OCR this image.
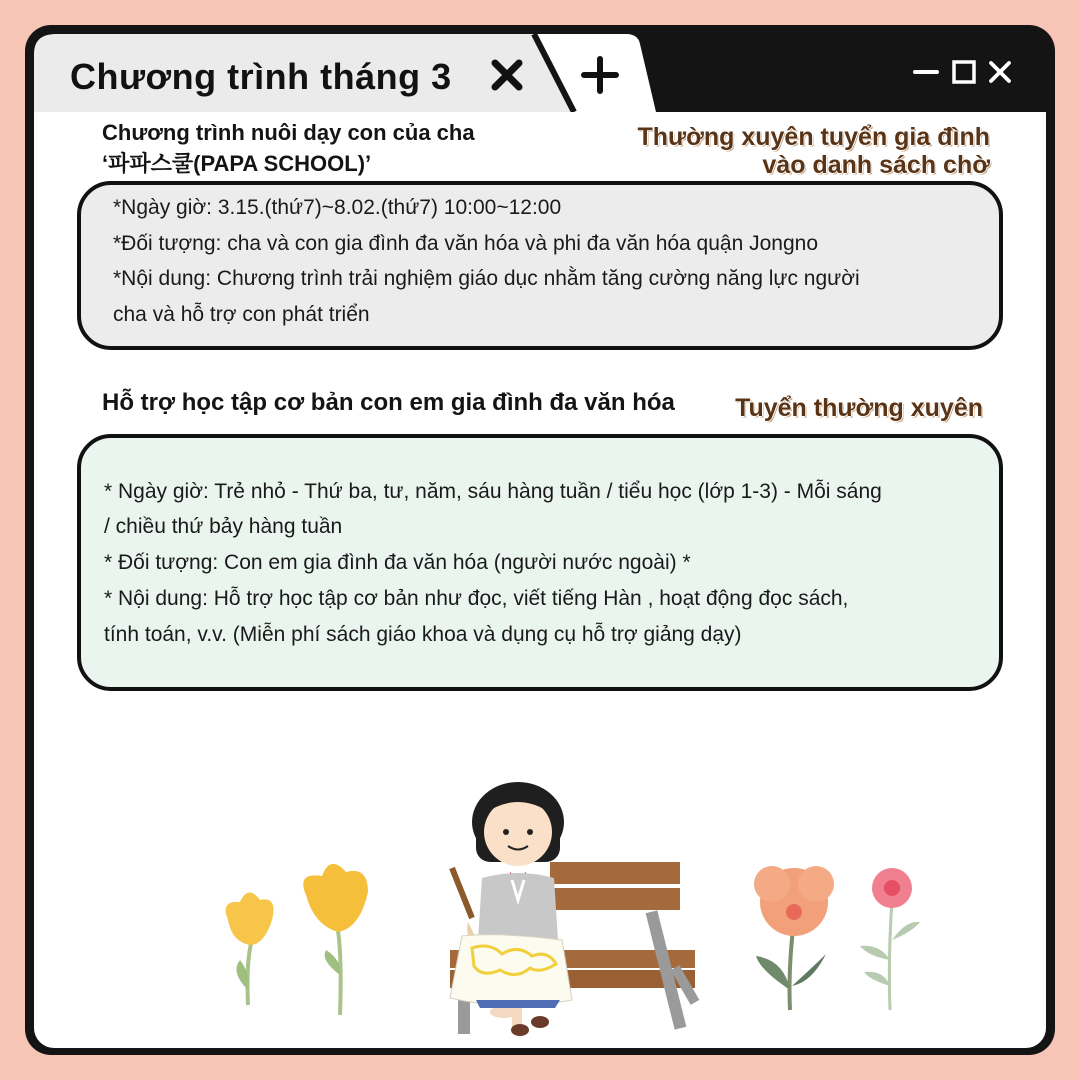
Chương trình tháng 3
Chương trình nuôi dạy con của cha
‘파파스쿨(PAPA SCHOOL)’
Thường xuyên tuyển gia đình
vào danh sách chờ
*Ngày giờ: 3.15.(thứ7)~8.02.(thứ7) 10:00~12:00
*Đối tượng: cha và con gia đình đa văn hóa và phi đa văn hóa quận Jongno
*Nội dung: Chương trình trải nghiệm giáo dục nhằm tăng cường năng lực người
cha và hỗ trợ con phát triển
Hỗ trợ học tập cơ bản con em gia đình đa văn hóa Tuyển thường xuyên
* Ngày giờ: Trẻ nhỏ - Thứ ba, tư, năm, sáu hàng tuần / tiểu học (lớp 1-3) - Mỗi sáng
/ chiều thứ bảy hàng tuần
* Đối tượng: Con em gia đình đa văn hóa (người nước ngoài) *
* Nội dung: Hỗ trợ học tập cơ bản như đọc, viết tiếng Hàn , hoạt động đọc sách,
tính toán, v.v. (Miễn phí sách giáo khoa và dụng cụ hỗ trợ giảng dạy)
